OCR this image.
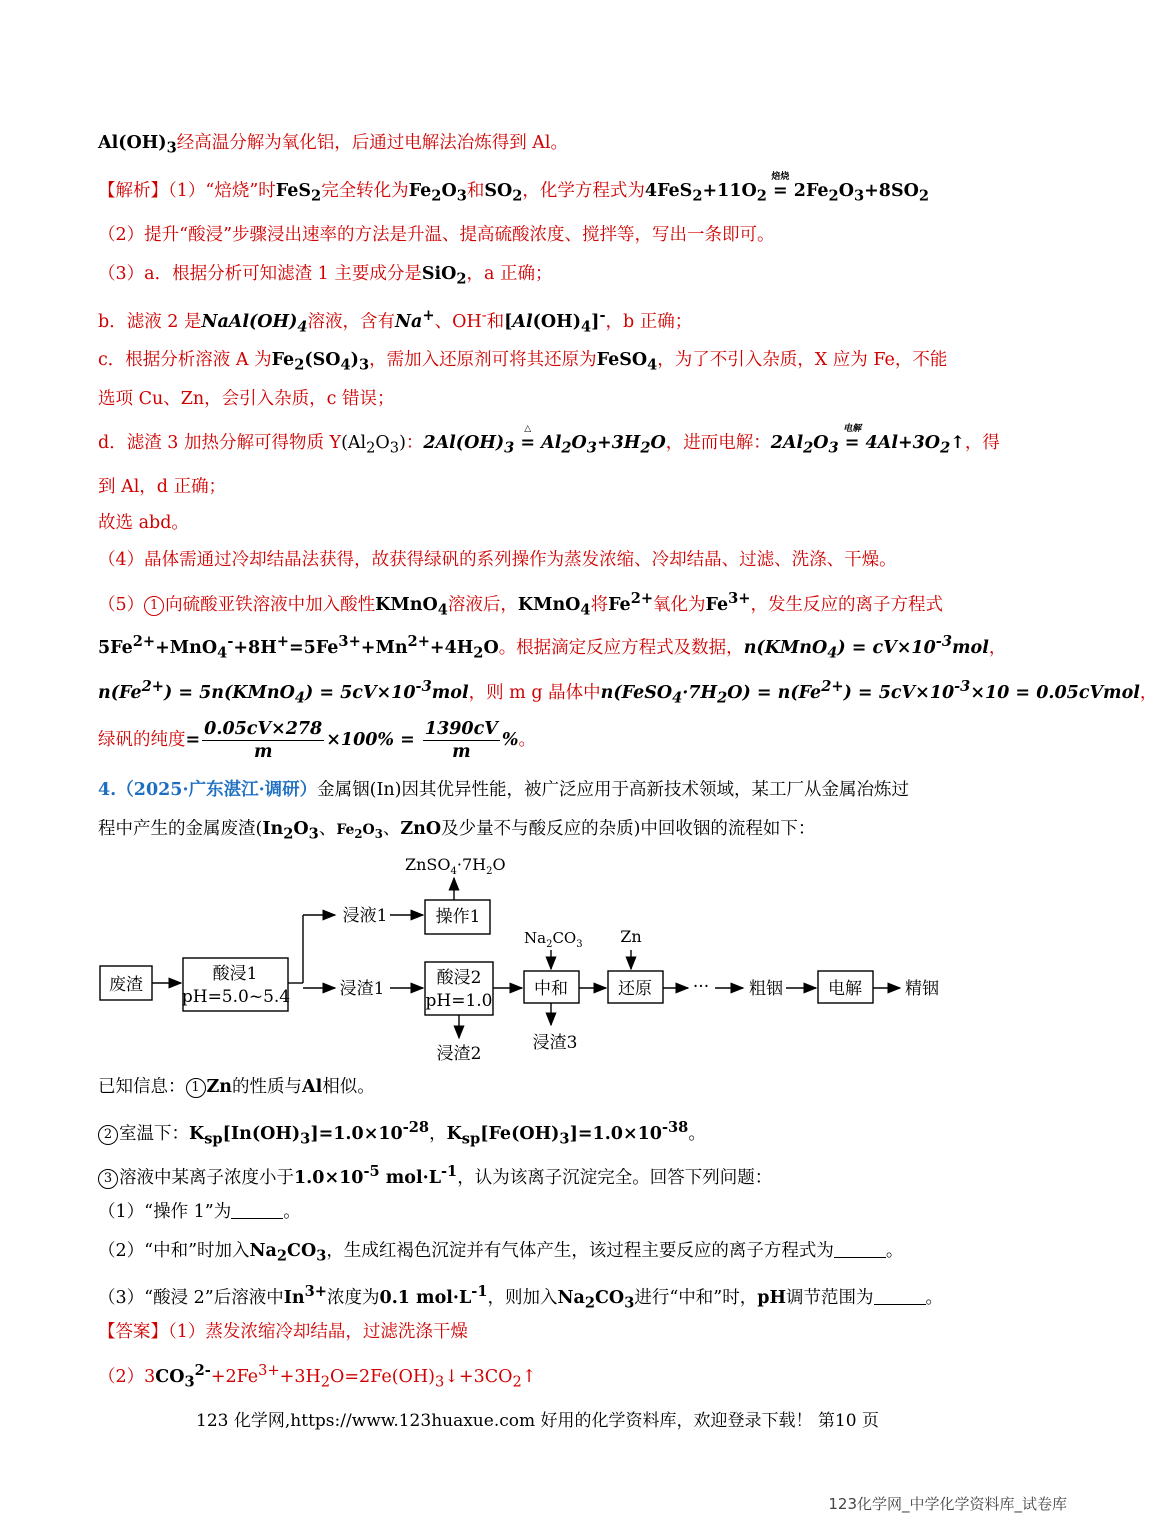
$Al(OH)_3$经高温分解为氧化铝，后通过电解法冶炼得到 Al。
【解析】（1）“焙烧”时FeS$_2$完全转化为$Fe_2O_3$和$SO_2$，化学方程式为$4FeS_2+11O_2$ =
焙烧
$2Fe_2O_3+8SO_2$
（2）提升“酸浸”步骤浸出速率的方法是升温、提高硫酸浓度、搅拌等，写出一条即可。
（3）a．根据分析可知滤渣 1 主要成分是SiO$_2$，a 正确；
b．滤液 2 是$NaAl(OH)_4$溶液，含有Na+、OH-和$[Al(OH)_4]^-$，b 正确；
c．根据分析溶液 A 为$Fe_2(SO_4)_3$，需加入还原剂可将其还原为FeSO$_4$，为了不引入杂质，X 应为 Fe，不能
选项 Cu、Zn，会引入杂质，c 错误；
d．滤渣 3 加热分解可得物质 $Y(Al_2O_3)$：$2Al(OH)_3$ =
△
$Al_2O_3+3H_2O$，进而电解：$2Al_2O_3$ =
电解
$4Al+3O_2↑$，得
到 Al，d 正确；
故选 abd。
（4）晶体需通过冷却结晶法获得，故获得绿矾的系列操作为蒸发浓缩、冷却结晶、过滤、洗涤、干燥。
（5） 1 向硫酸亚铁溶液中加入酸性KMnO$_4$溶液后，KMnO$_4$将$Fe^{2+}$氧化为$Fe^{3+}$，发生反应的离子方程式
$5Fe^{2+}+MnO_4^-+8H^+=5Fe^{3+}+Mn^{2+}+4H_2O$。根据滴定反应方程式及数据，n(KMnO$_4$) = $cV\times 10^{-3}mol$，
$n(Fe^{2+})$ = 5n(KMnO$_4$) = $5cV\times 10^{-3}mol$，则 m g 晶体中$n(FeSO_4\cdot 7H_2O) = n(Fe^{2+}) = 5cV\times 10^{-3}\times 10$ = 0.05cVmol，
绿矾的纯度= $\frac{0.05cV\times 278}{m} \times 100\% = \frac{1390cV}{m}$ %。
4.（2025·广东湛江·调研）金属铟(In)因其优异性能，被广泛应用于高新技术领域，某工厂从金属冶炼过
程中产生的金属废渣($In_2O_3$、$Fe_2O_3$、ZnO及少量不与酸反应的杂质)中回收铟的流程如下：
废渣
酸浸1
pH=5.0~5.4
浸液1	操作1
$ZnSO_4\cdot 7H_2O$
浸渣1
酸浸2
pH=1.0
浸渣2
$Na_2CO_3$ Zn
中和
浸渣3
还原 ··· 粗铟	电解	精铟
已知信息： 1 Zn的性质与Al相似。
2 室温下：$K_{sp}[In(OH)_3]=1.0\times 10^{-28}$，$K_{sp}[Fe(OH)_3]=1.0\times 10^{-38}$。
3 溶液中某离子浓度小于$1.0\times 10^{-5}$ $mol\cdot L^{-1}$，认为该离子沉淀完全。回答下列问题：
（1）“操作 1”为	。
（2）“中和”时加入$Na_2CO_3$，生成红褐色沉淀并有气体产生，该过程主要反应的离子方程式为	。
（3）“酸浸 2”后溶液中$In^{3+}$浓度为0.1 $mol\cdot L^{-1}$，则加入$Na_2CO_3$进行“中和”时，pH调节范围为	。
【答案】（1）蒸发浓缩冷却结晶，过滤洗涤干燥
$(2)3CO_3^{2-}+2Fe^{3+}+3H_2O=2Fe(OH)_3↓+3CO_2↑$
123 化学网,https://www.123huaxue.com 好用的化学资料库，欢迎登录下载！ 第10 页
123化学网_中学化学资料库_试卷库
